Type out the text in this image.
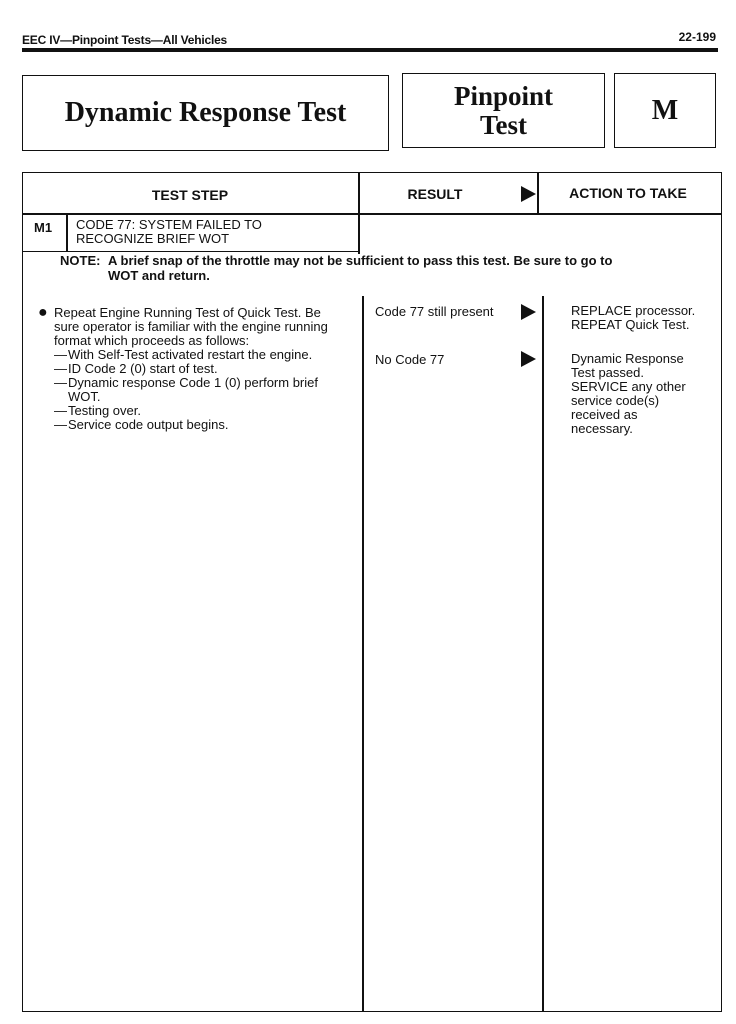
EEC IV—Pinpoint Tests—All Vehicles	22-199
Dynamic Response Test
Pinpoint
Test	M
TEST STEP	RESULT	ACTION TO TAKE
M1 CODE 77: SYSTEM FAILED TO
RECOGNIZE BRIEF WOT
NOTE: A brief snap of the throttle may not be sufficient to pass this test. Be sure to go to
WOT and return.
● Repeat Engine Running Test of Quick Test. Be
sure operator is familiar with the engine running
format which proceeds as follows:
— With Self-Test activated restart the engine.
— ID Code 2 (0) start of test.
— Dynamic response Code 1 (0) perform brief WOT.
— Testing over.
— Service code output begins.
Code 77 still present	REPLACE processor.
REPEAT Quick Test.
No Code 77	Dynamic Response
Test passed.
SERVICE any other
service code(s)
received as
necessary.
